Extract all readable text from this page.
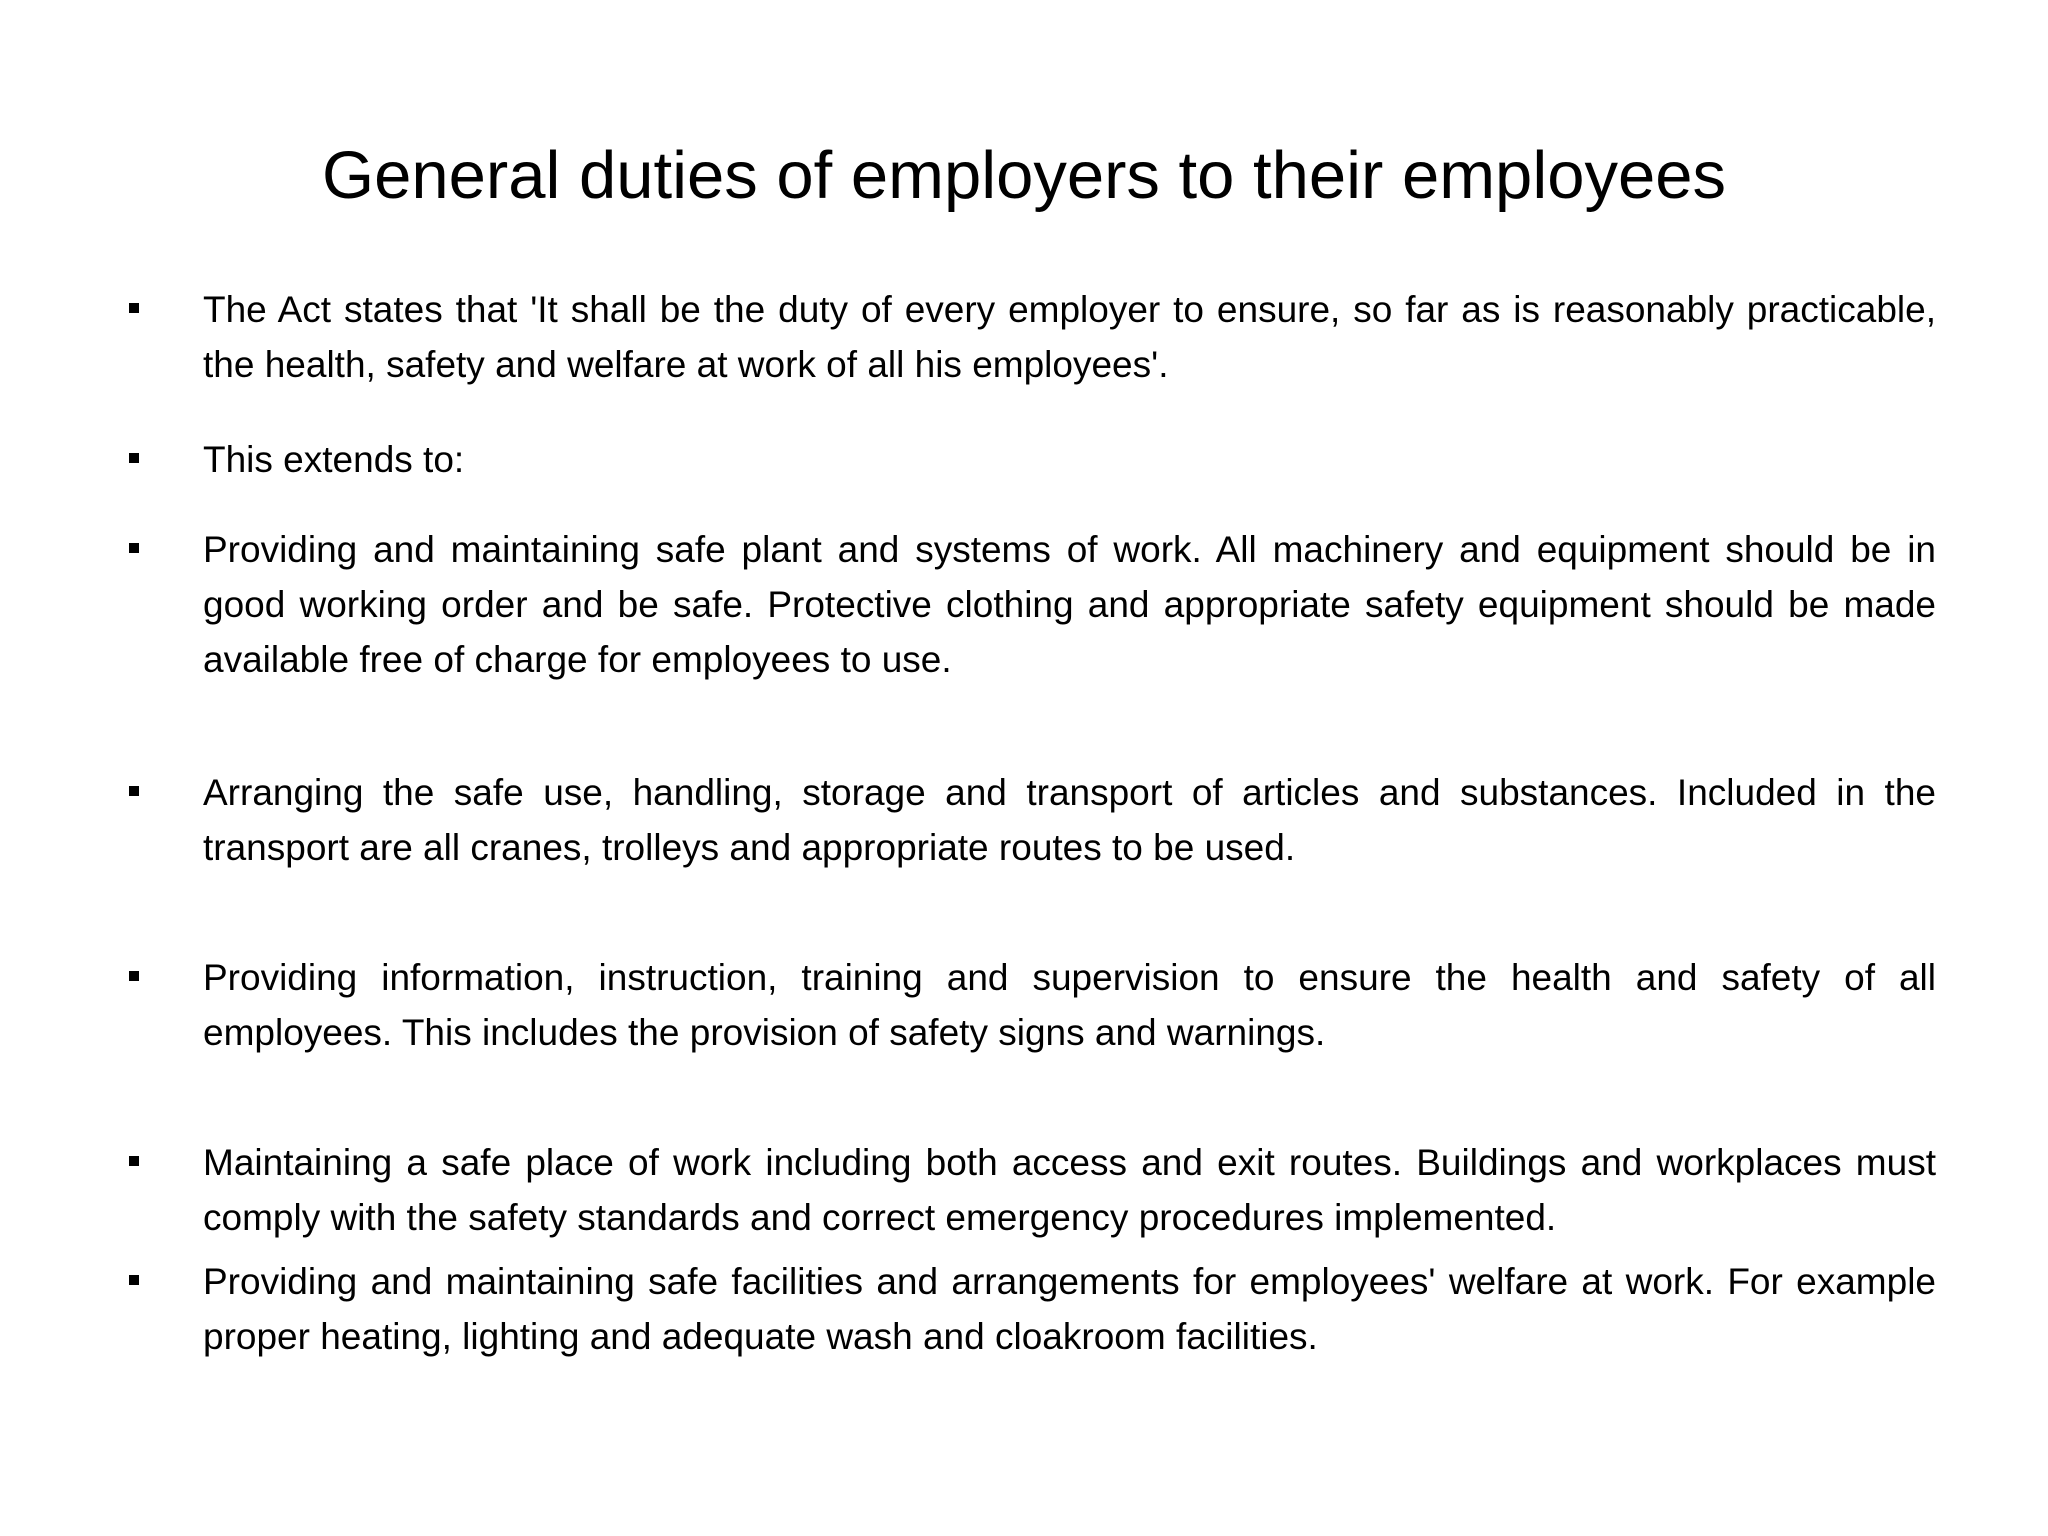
General duties of employers to their employees

The Act states that 'It shall be the duty of every employer to ensure, so far as is reasonably practicable, the health, safety and welfare at work of all his employees'.

This extends to:

Providing and maintaining safe plant and systems of work. All machinery and equipment should be in good working order and be safe. Protective clothing and appropriate safety equipment should be made available free of charge for employees to use.

Arranging the safe use, handling, storage and transport of articles and substances. Included in the transport are all cranes, trolleys and appropriate routes to be used.

Providing information, instruction, training and supervision to ensure the health and safety of all employees. This includes the provision of safety signs and warnings.

Maintaining a safe place of work including both access and exit routes. Buildings and workplaces must comply with the safety standards and correct emergency procedures implemented.

Providing and maintaining safe facilities and arrangements for employees' welfare at work. For example proper heating, lighting and adequate wash and cloakroom facilities.
